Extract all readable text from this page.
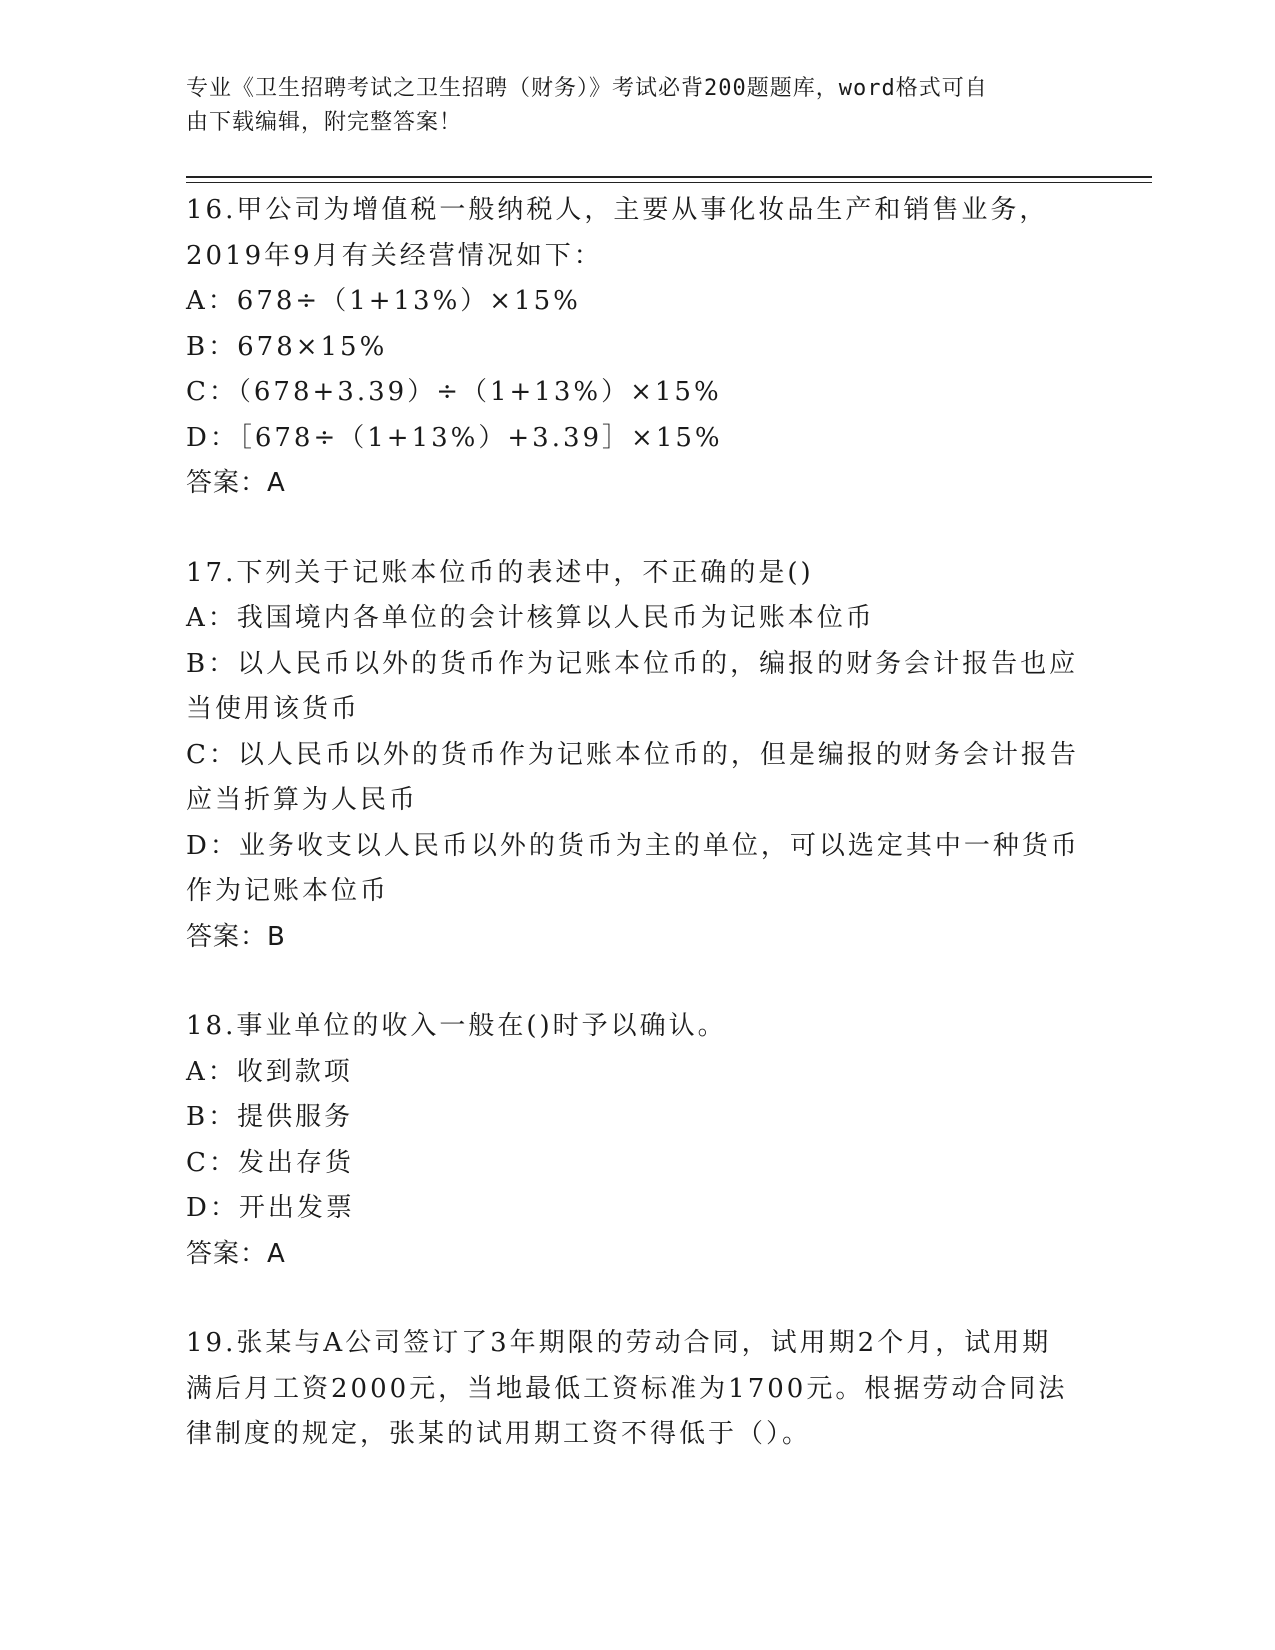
专业《卫生招聘考试之卫生招聘（财务）》考试必背200题题库，word格式可自
由下载编辑，附完整答案！
16.甲公司为增值税一般纳税人，主要从事化妆品生产和销售业务，
2019年9月有关经营情况如下：
A：678÷（1+13%）×15%
B：678×15%
C：（678+3.39）÷（1+13%）×15%
D：［678÷（1+13%）+3.39］×15%
答案：A
17.下列关于记账本位币的表述中，不正确的是()
A：我国境内各单位的会计核算以人民币为记账本位币
B：以人民币以外的货币作为记账本位币的，编报的财务会计报告也应
当使用该货币
C：以人民币以外的货币作为记账本位币的，但是编报的财务会计报告
应当折算为人民币
D：业务收支以人民币以外的货币为主的单位，可以选定其中一种货币
作为记账本位币
答案：B
18.事业单位的收入一般在()时予以确认。
A：收到款项
B：提供服务
C：发出存货
D：开出发票
答案：A
19.张某与A公司签订了3年期限的劳动合同，试用期2个月，试用期
满后月工资2000元，当地最低工资标准为1700元。根据劳动合同法
律制度的规定，张某的试用期工资不得低于（）。
